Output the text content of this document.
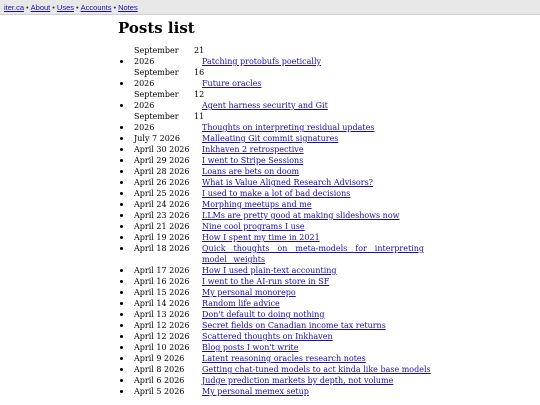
iter.ca • About • Uses • Accounts • Notes
Posts list
September 21
2026	Patching protobufs poetically
September 16
2026	Future oracles
September 12
2026	Agent harness security and Git
September 11
2026	Thoughts on interpreting residual updates
July 7 2026	Malleating Git commit signatures
April 30 2026	Inkhaven 2 retrospective
April 29 2026	I went to Stripe Sessions
April 28 2026	Loans are bets on doom
April 26 2026	What is Value Aligned Research Advisors?
April 25 2026	I used to make a lot of bad decisions
April 24 2026	Morphing meetups and me
April 23 2026	LLMs are pretty good at making slideshows now
April 21 2026	Nine cool programs I use
April 19 2026	How I spent my time in 2021
April 18 2026	Quick thoughts on meta-models for interpreting model weights
April 17 2026	How I used plain-text accounting
April 16 2026	I went to the AI-run store in SF
April 15 2026	My personal monorepo
April 14 2026	Random life advice
April 13 2026	Don't default to doing nothing
April 12 2026	Secret fields on Canadian income tax returns
April 12 2026	Scattered thoughts on Inkhaven
April 10 2026	Blog posts I won't write
April 9 2026	Latent reasoning oracles research notes
April 8 2026	Getting chat-tuned models to act kinda like base models
April 6 2026	Judge prediction markets by depth, not volume
April 5 2026	My personal memex setup
